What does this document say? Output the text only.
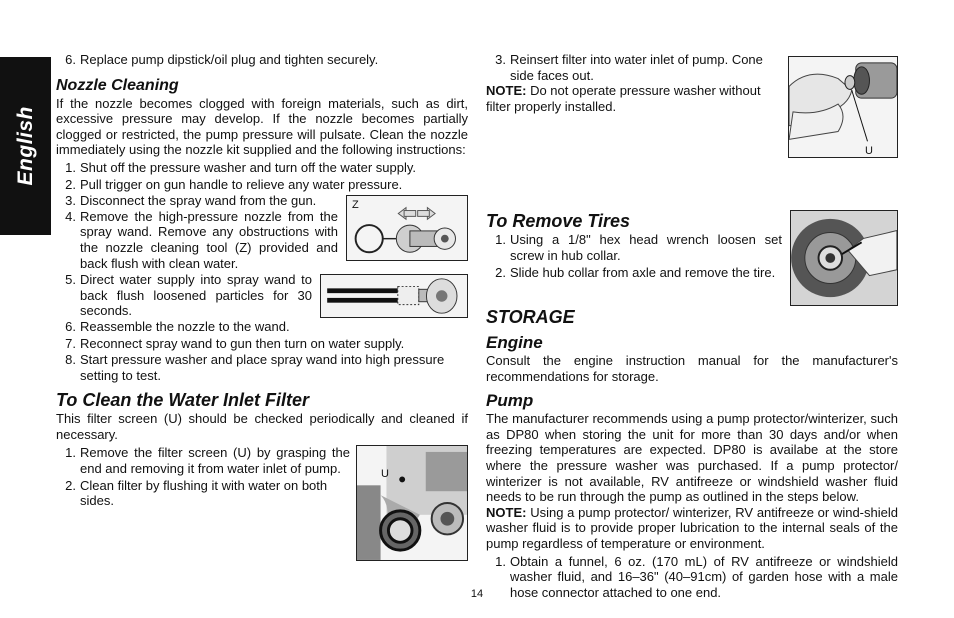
English
6. Replace pump dipstick/oil plug and tighten securely.
Nozzle Cleaning

If the nozzle becomes clogged with foreign materials, such as dirt, excessive pressure may develop. If the nozzle becomes partially clogged or restricted, the pump pressure will pulsate. Clean the nozzle immediately using the nozzle kit supplied and the following instructions:

1. Shut off the pressure washer and turn off the water supply.
2. Pull trigger on gun handle to relieve any water pressure.
Z
3. Disconnect the spray wand from the gun.
4. Remove the high-pressure nozzle from the spray wand. Remove any obstructions with the nozzle cleaning tool (Z) provided and back flush with clean water.
5. Direct water supply into spray wand to back flush loosened particles for 30 seconds.
6. Reassemble the nozzle to the wand.
7. Reconnect spray wand to gun then turn on water supply.
8. Start pressure washer and place spray wand into high pressure setting to test.
To Clean the Water Inlet Filter

This filter screen (U) should be checked periodically and cleaned if necessary.

U
1. Remove the filter screen (U) by grasping the end and removing it from water inlet of pump.
2. Clean filter by flushing it with water on both sides.
U
3. Reinsert filter into water inlet of pump. Cone side faces out.

NOTE: Do not operate pressure washer without filter properly installed.

To Remove Tires
1. Using a 1/8" hex head wrench loosen set screw in hub collar.
2. Slide hub collar from axle and remove the tire.
STORAGE
Engine

Consult the engine instruction manual for the manufacturer's recommendations for storage.

Pump

The manufacturer recommends using a pump protector/winterizer, such as DP80 when storing the unit for more than 30 days and/or when freezing temperatures are expected. DP80 is availabe at the store where the pressure washer was purchased. If a pump protector/ winterizer is not available, RV antifreeze or windshield washer fluid needs to be run through the pump as outlined in the steps below.

NOTE: Using a pump protector/ winterizer, RV antifreeze or wind-shield washer fluid is to provide proper lubrication to the internal seals of the pump regardless of temperature or environment.

1. Obtain a funnel, 6 oz. (170 mL) of RV antifreeze or windshield washer fluid, and 16–36" (40–91cm) of garden hose with a male hose connector attached to one end.
14
